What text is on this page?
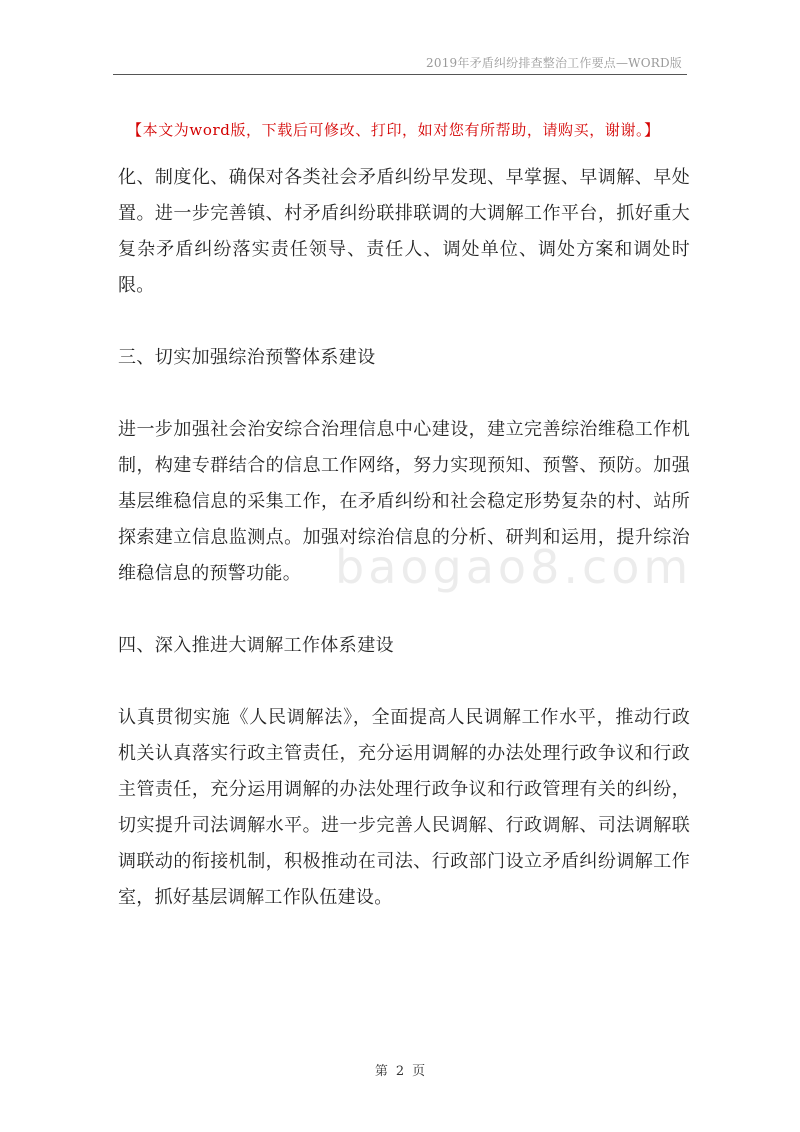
2019年矛盾纠纷排查整治工作要点—WORD版
【本文为word版，下载后可修改、打印，如对您有所帮助，请购买，谢谢。】
baogao8.com

化、制度化、确保对各类社会矛盾纠纷早发现、早掌握、早调解、早处置。进一步完善镇、村矛盾纠纷联排联调的大调解工作平台，抓好重大复杂矛盾纠纷落实责任领导、责任人、调处单位、调处方案和调处时限。

三、切实加强综治预警体系建设

进一步加强社会治安综合治理信息中心建设，建立完善综治维稳工作机制，构建专群结合的信息工作网络，努力实现预知、预警、预防。加强基层维稳信息的采集工作，在矛盾纠纷和社会稳定形势复杂的村、站所探索建立信息监测点。加强对综治信息的分析、研判和运用，提升综治维稳信息的预警功能。

四、深入推进大调解工作体系建设

认真贯彻实施《人民调解法》，全面提高人民调解工作水平，推动行政机关认真落实行政主管责任，充分运用调解的办法处理行政争议和行政主管责任，充分运用调解的办法处理行政争议和行政管理有关的纠纷，切实提升司法调解水平。进一步完善人民调解、行政调解、司法调解联调联动的衔接机制，积极推动在司法、行政部门设立矛盾纠纷调解工作室，抓好基层调解工作队伍建设。

第 2 页
